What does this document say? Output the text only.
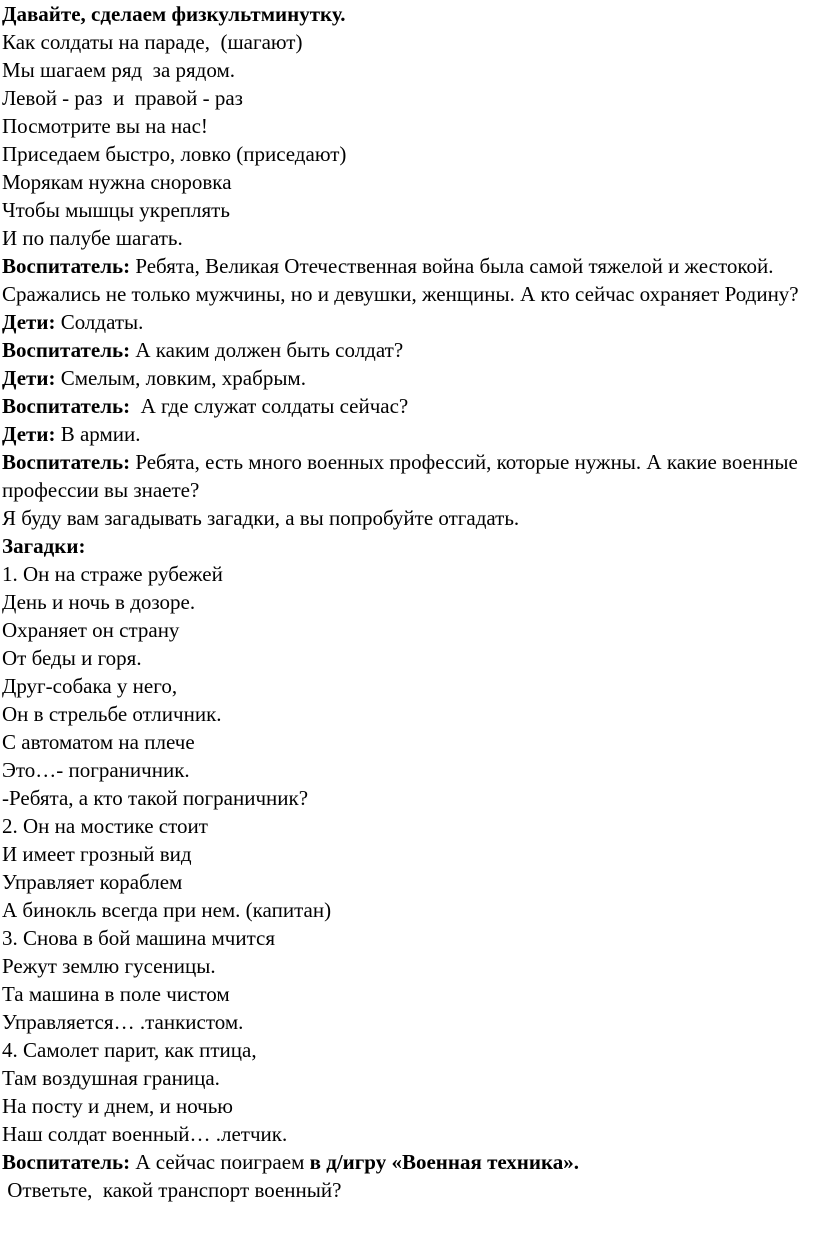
Давайте, сделаем физкультминутку.
Как солдаты на параде,  (шагают)
Мы шагаем ряд  за рядом.
Левой - раз  и  правой - раз
Посмотрите вы на нас!
Приседаем быстро, ловко (приседают)
Морякам нужна сноровка
Чтобы мышцы укреплять
И по палубе шагать.
Воспитатель: Ребята, Великая Отечественная война была самой тяжелой и жестокой. Сражались не только мужчины, но и девушки, женщины. А кто сейчас охраняет Родину?
Дети: Солдаты.
Воспитатель: А каким должен быть солдат?
Дети: Смелым, ловким, храбрым.
Воспитатель:  А где служат солдаты сейчас?
Дети: В армии.
Воспитатель: Ребята, есть много военных профессий, которые нужны. А какие военные профессии вы знаете?
Я буду вам загадывать загадки, а вы попробуйте отгадать.
Загадки:
1. Он на страже рубежей
День и ночь в дозоре.
Охраняет он страну
От беды и горя.
Друг-собака у него,
Он в стрельбе отличник.
С автоматом на плече
Это…- пограничник.
-Ребята, а кто такой пограничник?
2. Он на мостике стоит
И имеет грозный вид
Управляет кораблем
А бинокль всегда при нем. (капитан)
3. Снова в бой машина мчится
Режут землю гусеницы.
Та машина в поле чистом
Управляется… .танкистом.
4. Самолет парит, как птица,
Там воздушная граница.
На посту и днем, и ночью
Наш солдат военный… .летчик.
Воспитатель: А сейчас поиграем в д/игру «Военная техника».
Ответьте,  какой транспорт военный?
